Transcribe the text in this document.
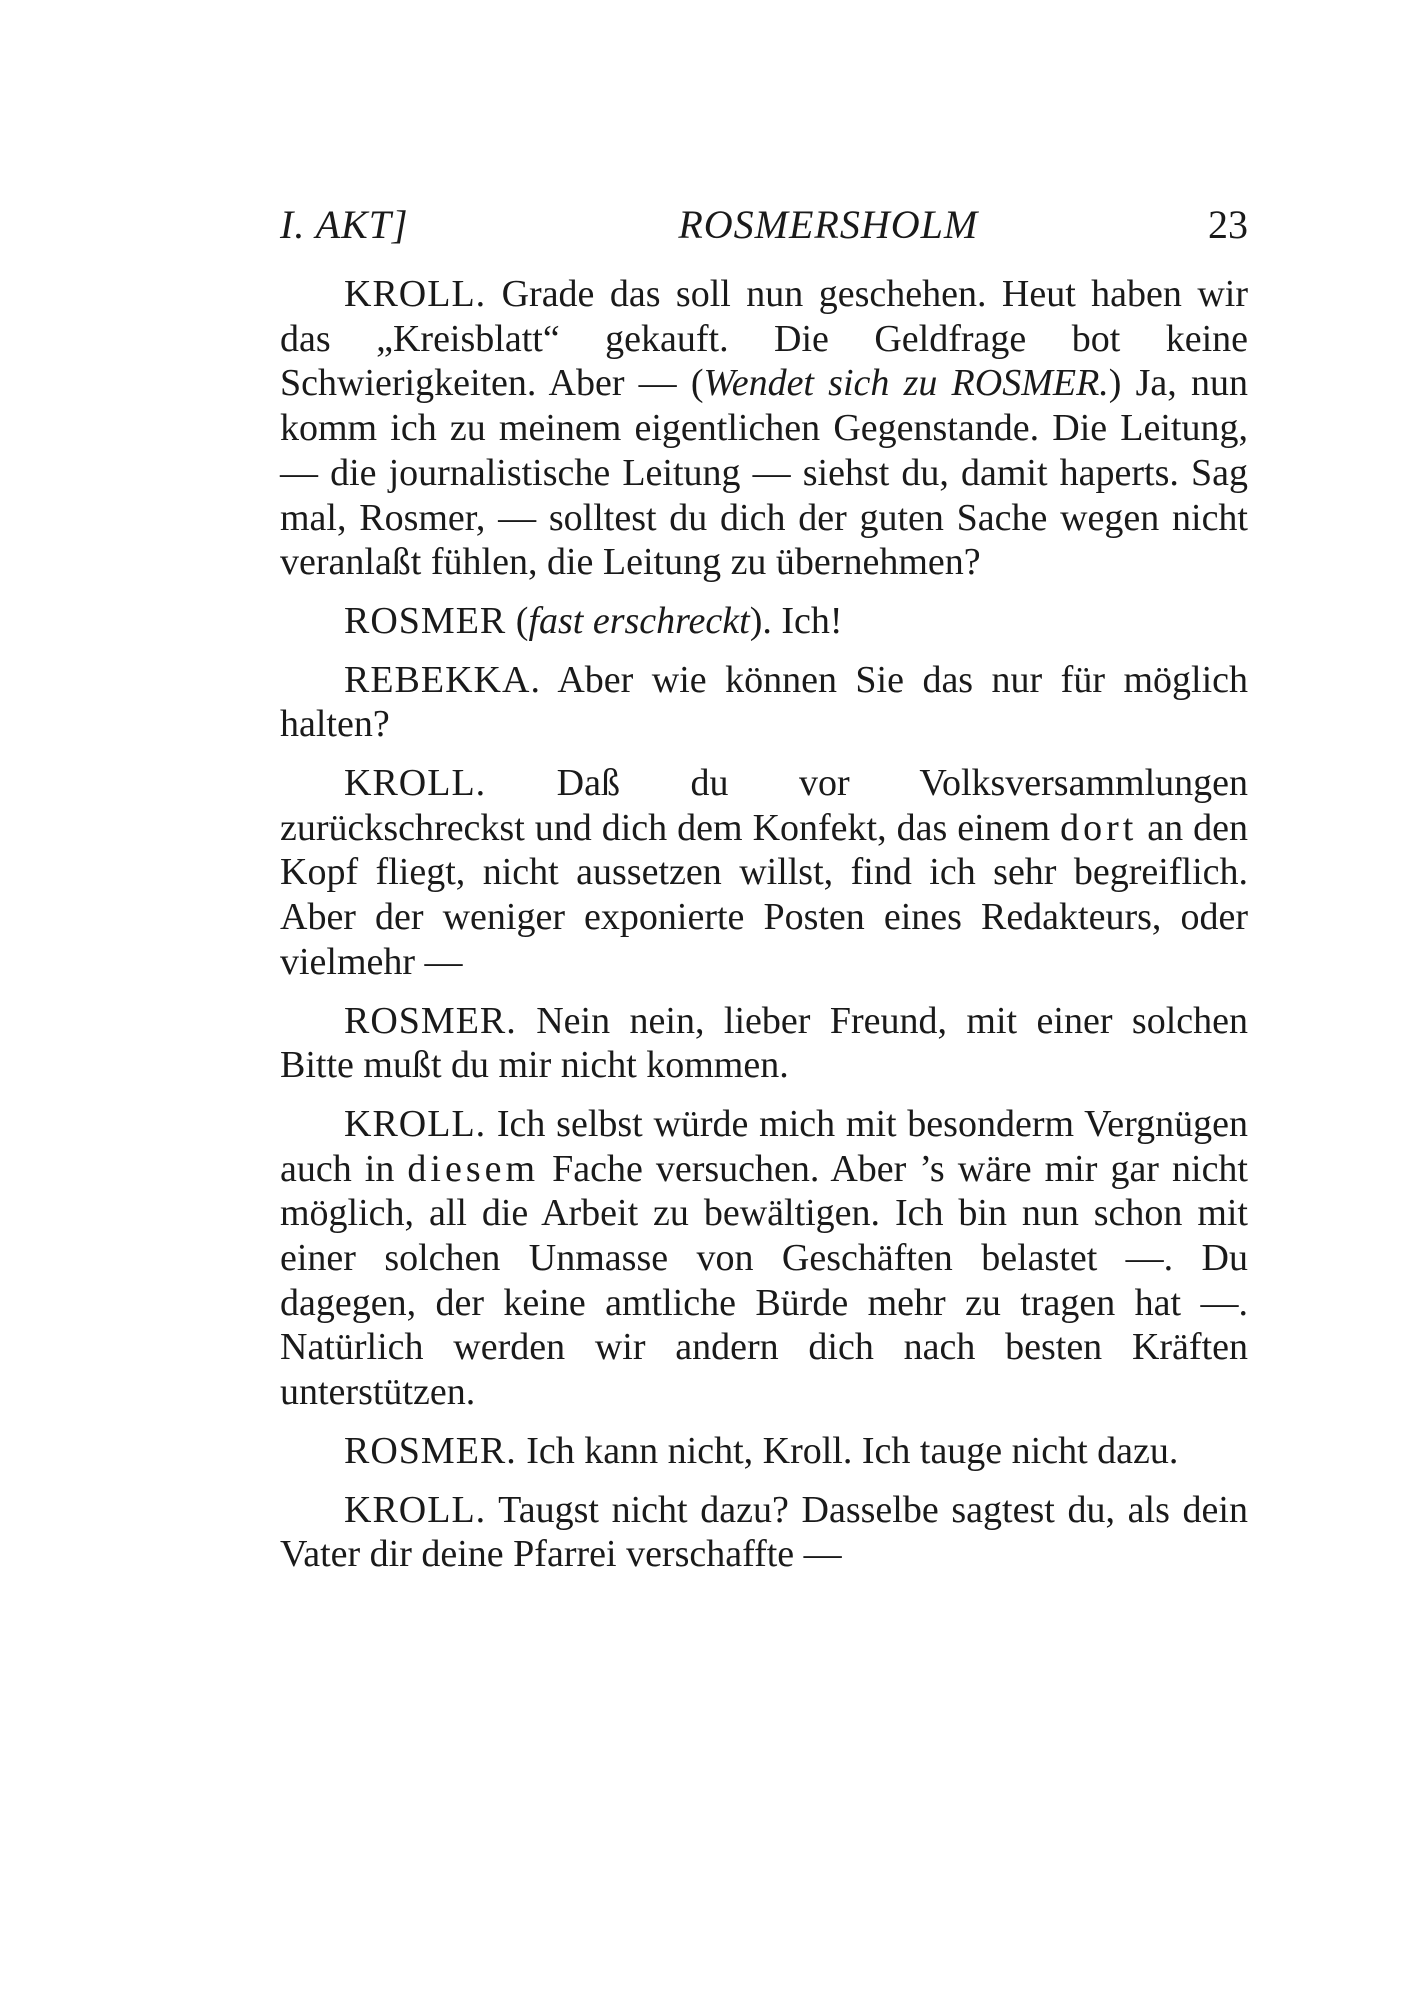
I. AKT]	ROSMERSHOLM	23

KROLL. Grade das soll nun geschehen. Heut haben wir das „Kreisblatt“ gekauft. Die Geldfrage bot keine Schwierigkeiten. Aber — (Wendet sich zu ROSMER.) Ja, nun komm ich zu meinem eigentlichen Gegenstande. Die Leitung, — die journalistische Leitung — siehst du, damit haperts. Sag mal, Rosmer, — solltest du dich der guten Sache wegen nicht veranlaßt fühlen, die Leitung zu übernehmen?

ROSMER (fast erschreckt). Ich!

REBEKKA. Aber wie können Sie das nur für möglich halten?

KROLL. Daß du vor Volksversammlungen zurückschreckst und dich dem Konfekt, das einem dort an den Kopf fliegt, nicht aussetzen willst, find ich sehr begreiflich. Aber der weniger exponierte Posten eines Redakteurs, oder vielmehr —

ROSMER. Nein nein, lieber Freund, mit einer solchen Bitte mußt du mir nicht kommen.

KROLL. Ich selbst würde mich mit besonderm Vergnügen auch in diesem Fache versuchen. Aber ’s wäre mir gar nicht möglich, all die Arbeit zu bewältigen. Ich bin nun schon mit einer solchen Unmasse von Geschäften belastet —. Du dagegen, der keine amtliche Bürde mehr zu tragen hat —. Natürlich werden wir andern dich nach besten Kräften unterstützen.

ROSMER. Ich kann nicht, Kroll. Ich tauge nicht dazu.

KROLL. Taugst nicht dazu? Dasselbe sagtest du, als dein Vater dir deine Pfarrei verschaffte —
